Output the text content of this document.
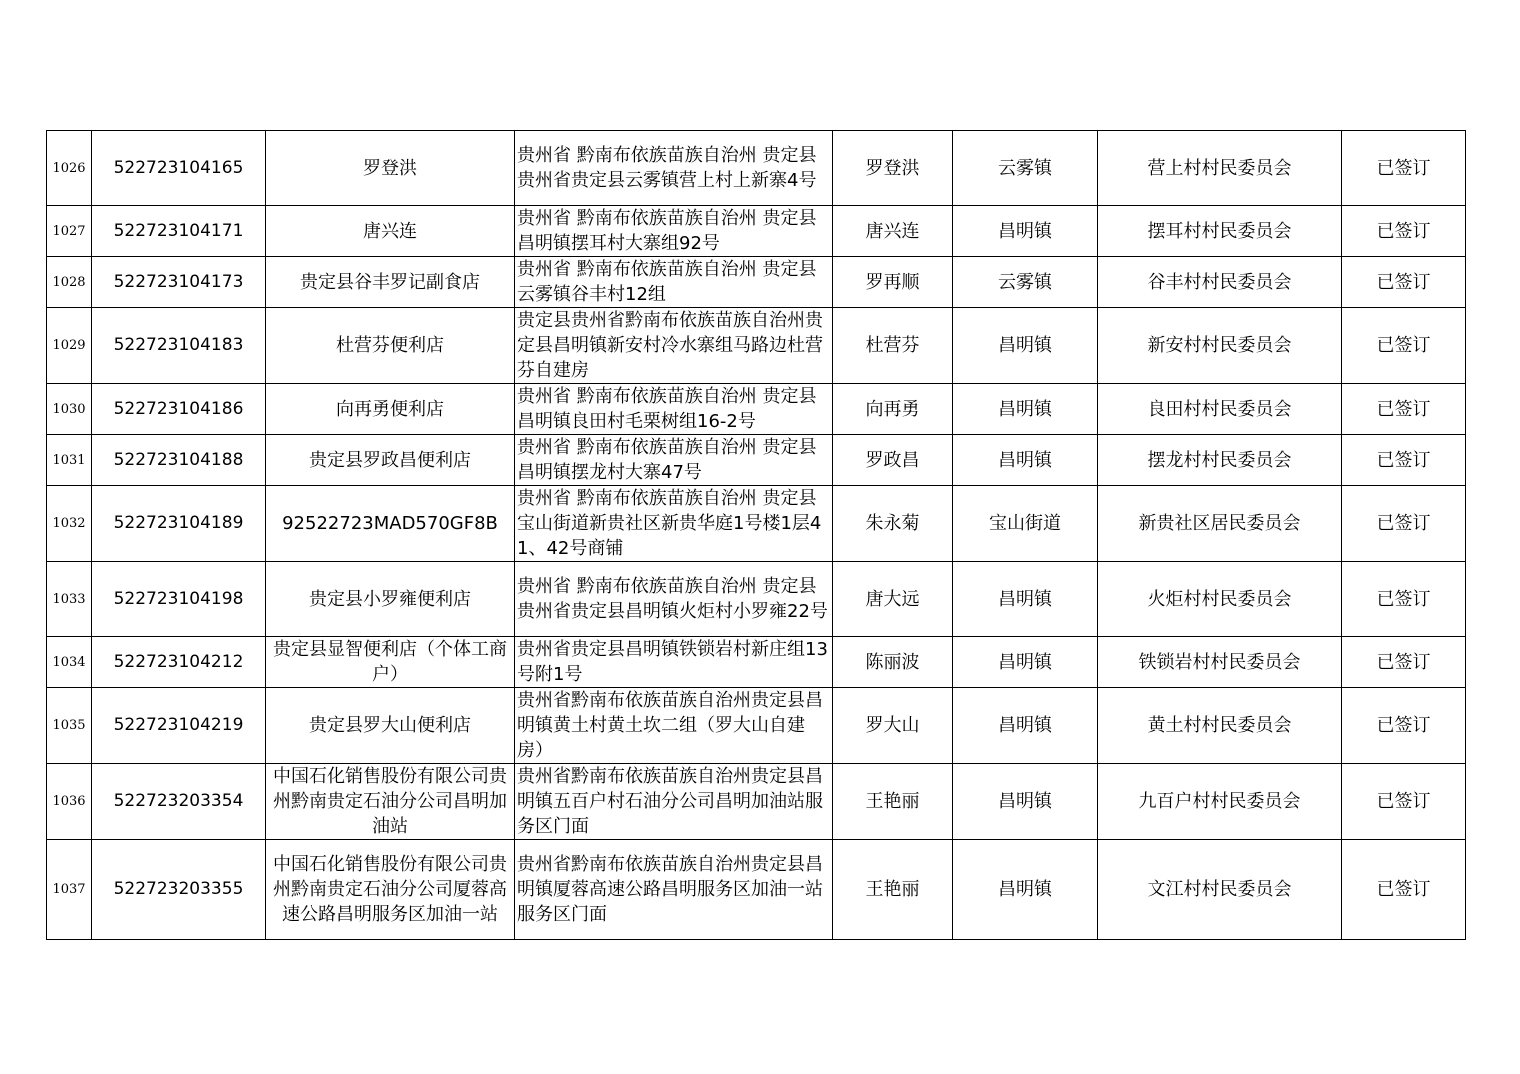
1026	522723104165	罗登洪	贵州省 黔南布依族苗族自治州 贵定县贵州省贵定县云雾镇营上村上新寨4号	罗登洪	云雾镇	营上村村民委员会	已签订
1027	522723104171	唐兴连	贵州省 黔南布依族苗族自治州 贵定县昌明镇摆耳村大寨组92号	唐兴连	昌明镇	摆耳村村民委员会	已签订
1028	522723104173	贵定县谷丰罗记副食店	贵州省 黔南布依族苗族自治州 贵定县云雾镇谷丰村12组	罗再顺	云雾镇	谷丰村村民委员会	已签订
1029	522723104183	杜营芬便利店	贵定县贵州省黔南布依族苗族自治州贵定县昌明镇新安村冷水寨组马路边杜营芬自建房	杜营芬	昌明镇	新安村村民委员会	已签订
1030	522723104186	向再勇便利店	贵州省 黔南布依族苗族自治州 贵定县昌明镇良田村毛栗树组16-2号	向再勇	昌明镇	良田村村民委员会	已签订
1031	522723104188	贵定县罗政昌便利店	贵州省 黔南布依族苗族自治州 贵定县昌明镇摆龙村大寨47号	罗政昌	昌明镇	摆龙村村民委员会	已签订
1032	522723104189	92522723MAD570GF8B	贵州省 黔南布依族苗族自治州 贵定县宝山街道新贵社区新贵华庭1号楼1层41、42号商铺	朱永菊	宝山街道	新贵社区居民委员会	已签订
1033	522723104198	贵定县小罗雍便利店	贵州省 黔南布依族苗族自治州 贵定县贵州省贵定县昌明镇火炬村小罗雍22号	唐大远	昌明镇	火炬村村民委员会	已签订
1034	522723104212	贵定县显智便利店（个体工商户）	贵州省贵定县昌明镇铁锁岩村新庄组13号附1号	陈丽波	昌明镇	铁锁岩村村民委员会	已签订
1035	522723104219	贵定县罗大山便利店	贵州省黔南布依族苗族自治州贵定县昌明镇黄土村黄土坎二组（罗大山自建房）	罗大山	昌明镇	黄土村村民委员会	已签订
1036	522723203354	中国石化销售股份有限公司贵州黔南贵定石油分公司昌明加油站	贵州省黔南布依族苗族自治州贵定县昌明镇五百户村石油分公司昌明加油站服务区门面	王艳丽	昌明镇	九百户村村民委员会	已签订
1037	522723203355	中国石化销售股份有限公司贵州黔南贵定石油分公司厦蓉高速公路昌明服务区加油一站	贵州省黔南布依族苗族自治州贵定县昌明镇厦蓉高速公路昌明服务区加油一站服务区门面	王艳丽	昌明镇	文江村村民委员会	已签订
